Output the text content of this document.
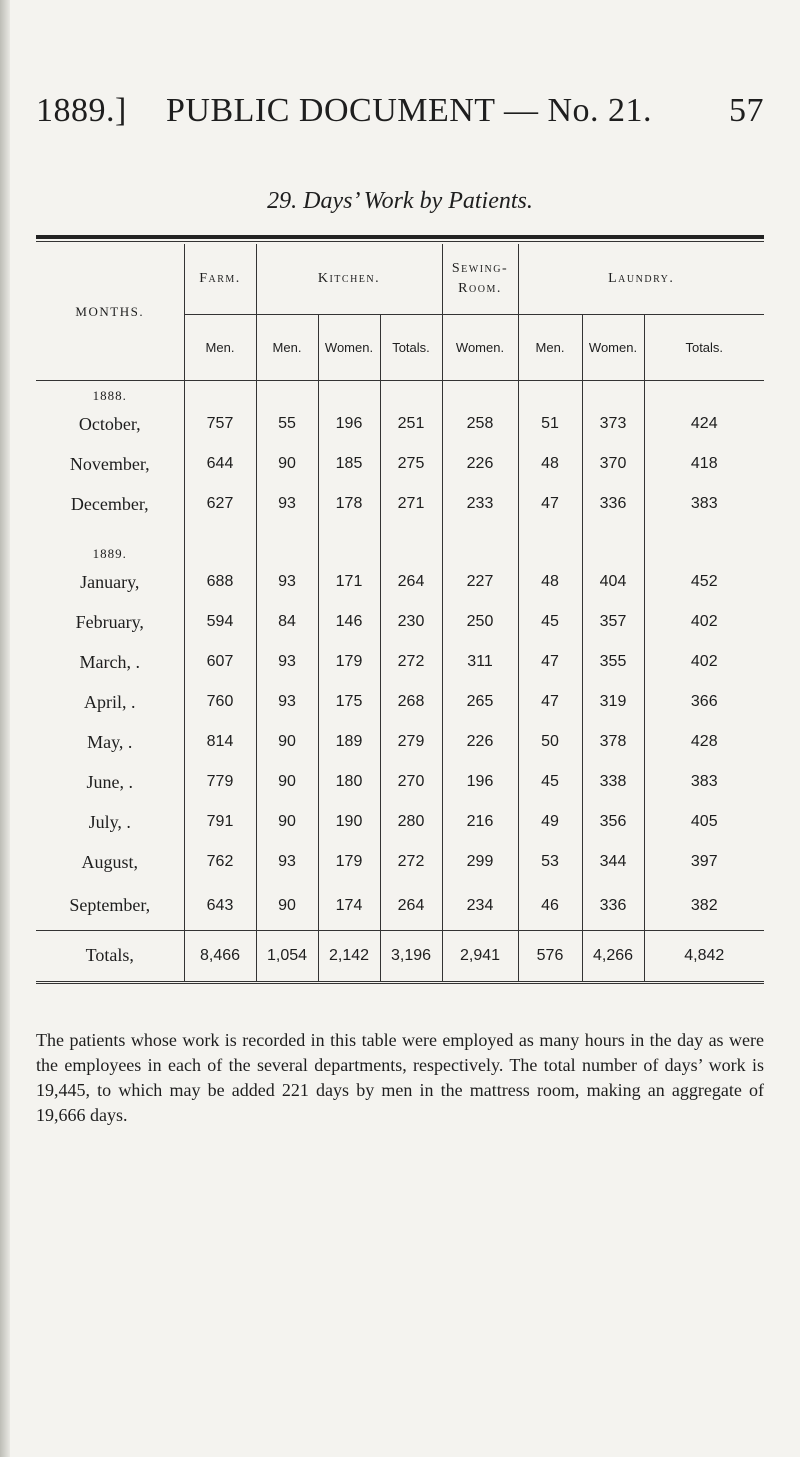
1889.] PUBLIC DOCUMENT — No. 21. 57
29. Days’ Work by Patients.
MONTHS.	Farm.	Kitchen.			Sewing-Room.	Laundry.		
	Men.	Men.	Women.	Totals.	Women.	Men.	Women.	Totals.
1888.								
October,	757	55	196	251	258	51	373	424
November,	644	90	185	275	226	48	370	418
December,	627	93	178	271	233	47	336	383

1889.								
January,	688	93	171	264	227	48	404	452
February,	594	84	146	230	250	45	357	402
March, .	607	93	179	272	311	47	355	402
April, .	760	93	175	268	265	47	319	366
May, .	814	90	189	279	226	50	378	428
June, .	779	90	180	270	196	45	338	383
July, .	791	90	190	280	216	49	356	405
August,	762	93	179	272	299	53	344	397
September,	643	90	174	264	234	46	336	382
Totals,	8,466	1,054	2,142	3,196	2,941	576	4,266	4,842
The patients whose work is recorded in this table were employed as many hours in the day as were the employees in each of the several departments, respectively. The total number of days’ work is 19,445, to which may be added 221 days by men in the mattress room, making an aggregate of 19,666 days.
